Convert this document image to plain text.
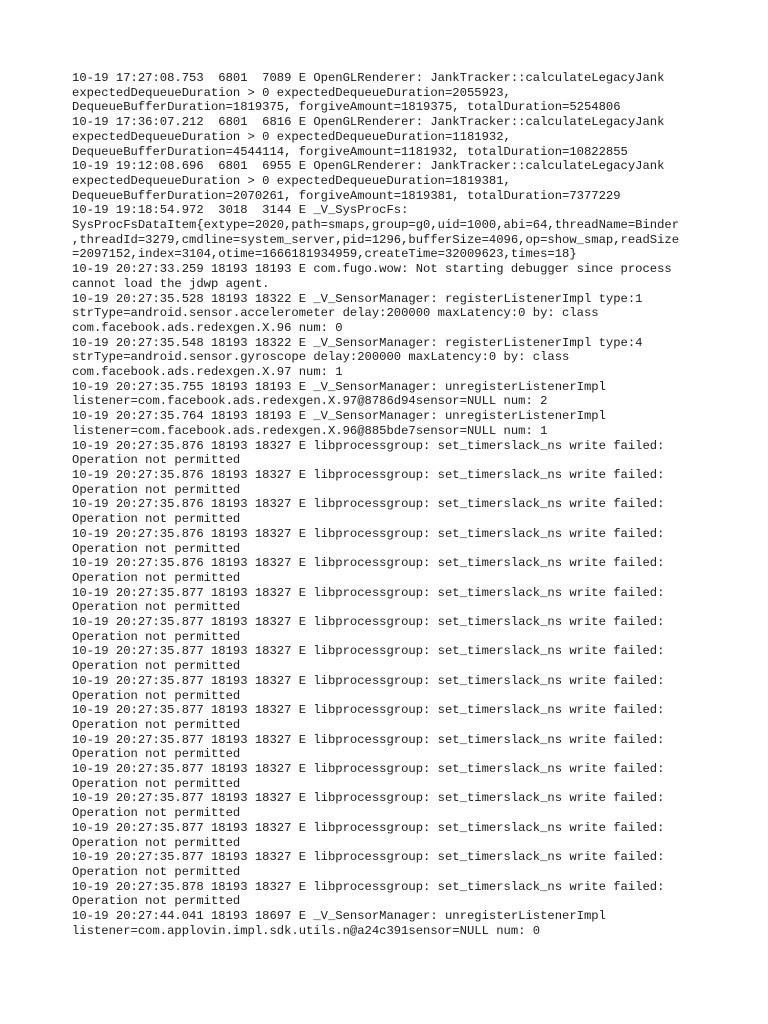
10-19 17:27:08.753  6801  7089 E OpenGLRenderer: JankTracker::calculateLegacyJank
expectedDequeueDuration > 0 expectedDequeueDuration=2055923,
DequeueBufferDuration=1819375, forgiveAmount=1819375, totalDuration=5254806
10-19 17:36:07.212  6801  6816 E OpenGLRenderer: JankTracker::calculateLegacyJank
expectedDequeueDuration > 0 expectedDequeueDuration=1181932,
DequeueBufferDuration=4544114, forgiveAmount=1181932, totalDuration=10822855
10-19 19:12:08.696  6801  6955 E OpenGLRenderer: JankTracker::calculateLegacyJank
expectedDequeueDuration > 0 expectedDequeueDuration=1819381,
DequeueBufferDuration=2070261, forgiveAmount=1819381, totalDuration=7377229
10-19 19:18:54.972  3018  3144 E _V_SysProcFs:
SysProcFsDataItem{extype=2020,path=smaps,group=g0,uid=1000,abi=64,threadName=Binder
,threadId=3279,cmdline=system_server,pid=1296,bufferSize=4096,op=show_smap,readSize
=2097152,index=3104,otime=1666181934959,createTime=32009623,times=18}
10-19 20:27:33.259 18193 18193 E com.fugo.wow: Not starting debugger since process
cannot load the jdwp agent.
10-19 20:27:35.528 18193 18322 E _V_SensorManager: registerListenerImpl type:1
strType=android.sensor.accelerometer delay:200000 maxLatency:0 by: class
com.facebook.ads.redexgen.X.96 num: 0
10-19 20:27:35.548 18193 18322 E _V_SensorManager: registerListenerImpl type:4
strType=android.sensor.gyroscope delay:200000 maxLatency:0 by: class
com.facebook.ads.redexgen.X.97 num: 1
10-19 20:27:35.755 18193 18193 E _V_SensorManager: unregisterListenerImpl
listener=com.facebook.ads.redexgen.X.97@8786d94sensor=NULL num: 2
10-19 20:27:35.764 18193 18193 E _V_SensorManager: unregisterListenerImpl
listener=com.facebook.ads.redexgen.X.96@885bde7sensor=NULL num: 1
10-19 20:27:35.876 18193 18327 E libprocessgroup: set_timerslack_ns write failed:
Operation not permitted
10-19 20:27:35.876 18193 18327 E libprocessgroup: set_timerslack_ns write failed:
Operation not permitted
10-19 20:27:35.876 18193 18327 E libprocessgroup: set_timerslack_ns write failed:
Operation not permitted
10-19 20:27:35.876 18193 18327 E libprocessgroup: set_timerslack_ns write failed:
Operation not permitted
10-19 20:27:35.876 18193 18327 E libprocessgroup: set_timerslack_ns write failed:
Operation not permitted
10-19 20:27:35.877 18193 18327 E libprocessgroup: set_timerslack_ns write failed:
Operation not permitted
10-19 20:27:35.877 18193 18327 E libprocessgroup: set_timerslack_ns write failed:
Operation not permitted
10-19 20:27:35.877 18193 18327 E libprocessgroup: set_timerslack_ns write failed:
Operation not permitted
10-19 20:27:35.877 18193 18327 E libprocessgroup: set_timerslack_ns write failed:
Operation not permitted
10-19 20:27:35.877 18193 18327 E libprocessgroup: set_timerslack_ns write failed:
Operation not permitted
10-19 20:27:35.877 18193 18327 E libprocessgroup: set_timerslack_ns write failed:
Operation not permitted
10-19 20:27:35.877 18193 18327 E libprocessgroup: set_timerslack_ns write failed:
Operation not permitted
10-19 20:27:35.877 18193 18327 E libprocessgroup: set_timerslack_ns write failed:
Operation not permitted
10-19 20:27:35.877 18193 18327 E libprocessgroup: set_timerslack_ns write failed:
Operation not permitted
10-19 20:27:35.877 18193 18327 E libprocessgroup: set_timerslack_ns write failed:
Operation not permitted
10-19 20:27:35.878 18193 18327 E libprocessgroup: set_timerslack_ns write failed:
Operation not permitted
10-19 20:27:44.041 18193 18697 E _V_SensorManager: unregisterListenerImpl
listener=com.applovin.impl.sdk.utils.n@a24c391sensor=NULL num: 0
